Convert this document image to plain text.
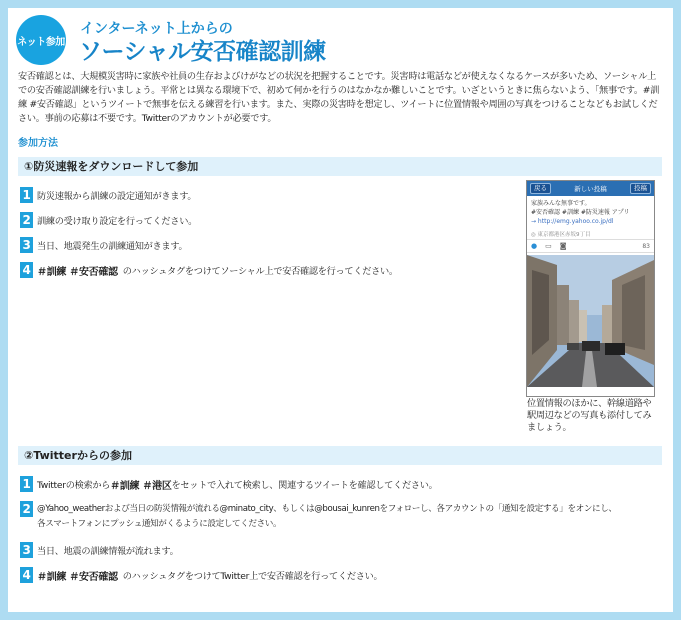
ネット参加
インターネット上からの
ソーシャル安否確認訓練
安否確認とは、大規模災害時に家族や社員の生存およびけがなどの状況を把握することです。災害時は電話などが使えなくなるケースが多いため、ソーシャル上での安否確認訓練を行いましょう。平常とは異なる環境下で、初めて何かを行うのはなかなか難しいことです。いざというときに焦らないよう、「無事です。#訓練 #安否確認」というツイートで無事を伝える練習を行います。また、実際の災害時を想定し、ツイートに位置情報や周囲の写真をつけることなどもお試しください。事前の応募は不要です。Twitterのアカウントが必要です。
参加方法
①防災速報をダウンロードして参加
1 防災速報から訓練の設定通知がきます。
2 訓練の受け取り設定を行ってください。
3 当日、地震発生の訓練通知がきます。
4 ＃訓練 ＃安否確認 のハッシュタグをつけてソーシャル上で安否確認を行ってください。
戻る	新しい投稿	投稿
家族みんな無事です。
#安否確認 #訓練 #防災速報 アプリ
→ http://emg.yahoo.co.jp/dl
◎ 東京都港区赤坂9丁目
● ▭ ◙	83
位置情報のほかに、幹線道路や駅周辺などの写真も添付してみましょう。
②Twitterからの参加
1 Twitterの検索から ＃訓練 ＃港区 をセットで入れて検索し、関連するツイートを確認してください。
2 @Yahoo_weatherおよび当日の防災情報が流れる@minato_city、もしくは@bousai_kunrenをフォローし、各アカウントの「通知を設定する」をオンにし、
各スマートフォンにプッシュ通知がくるように設定してください。
3 当日、地震の訓練情報が流れます。
4 ＃訓練 ＃安否確認 のハッシュタグをつけてTwitter上で安否確認を行ってください。
